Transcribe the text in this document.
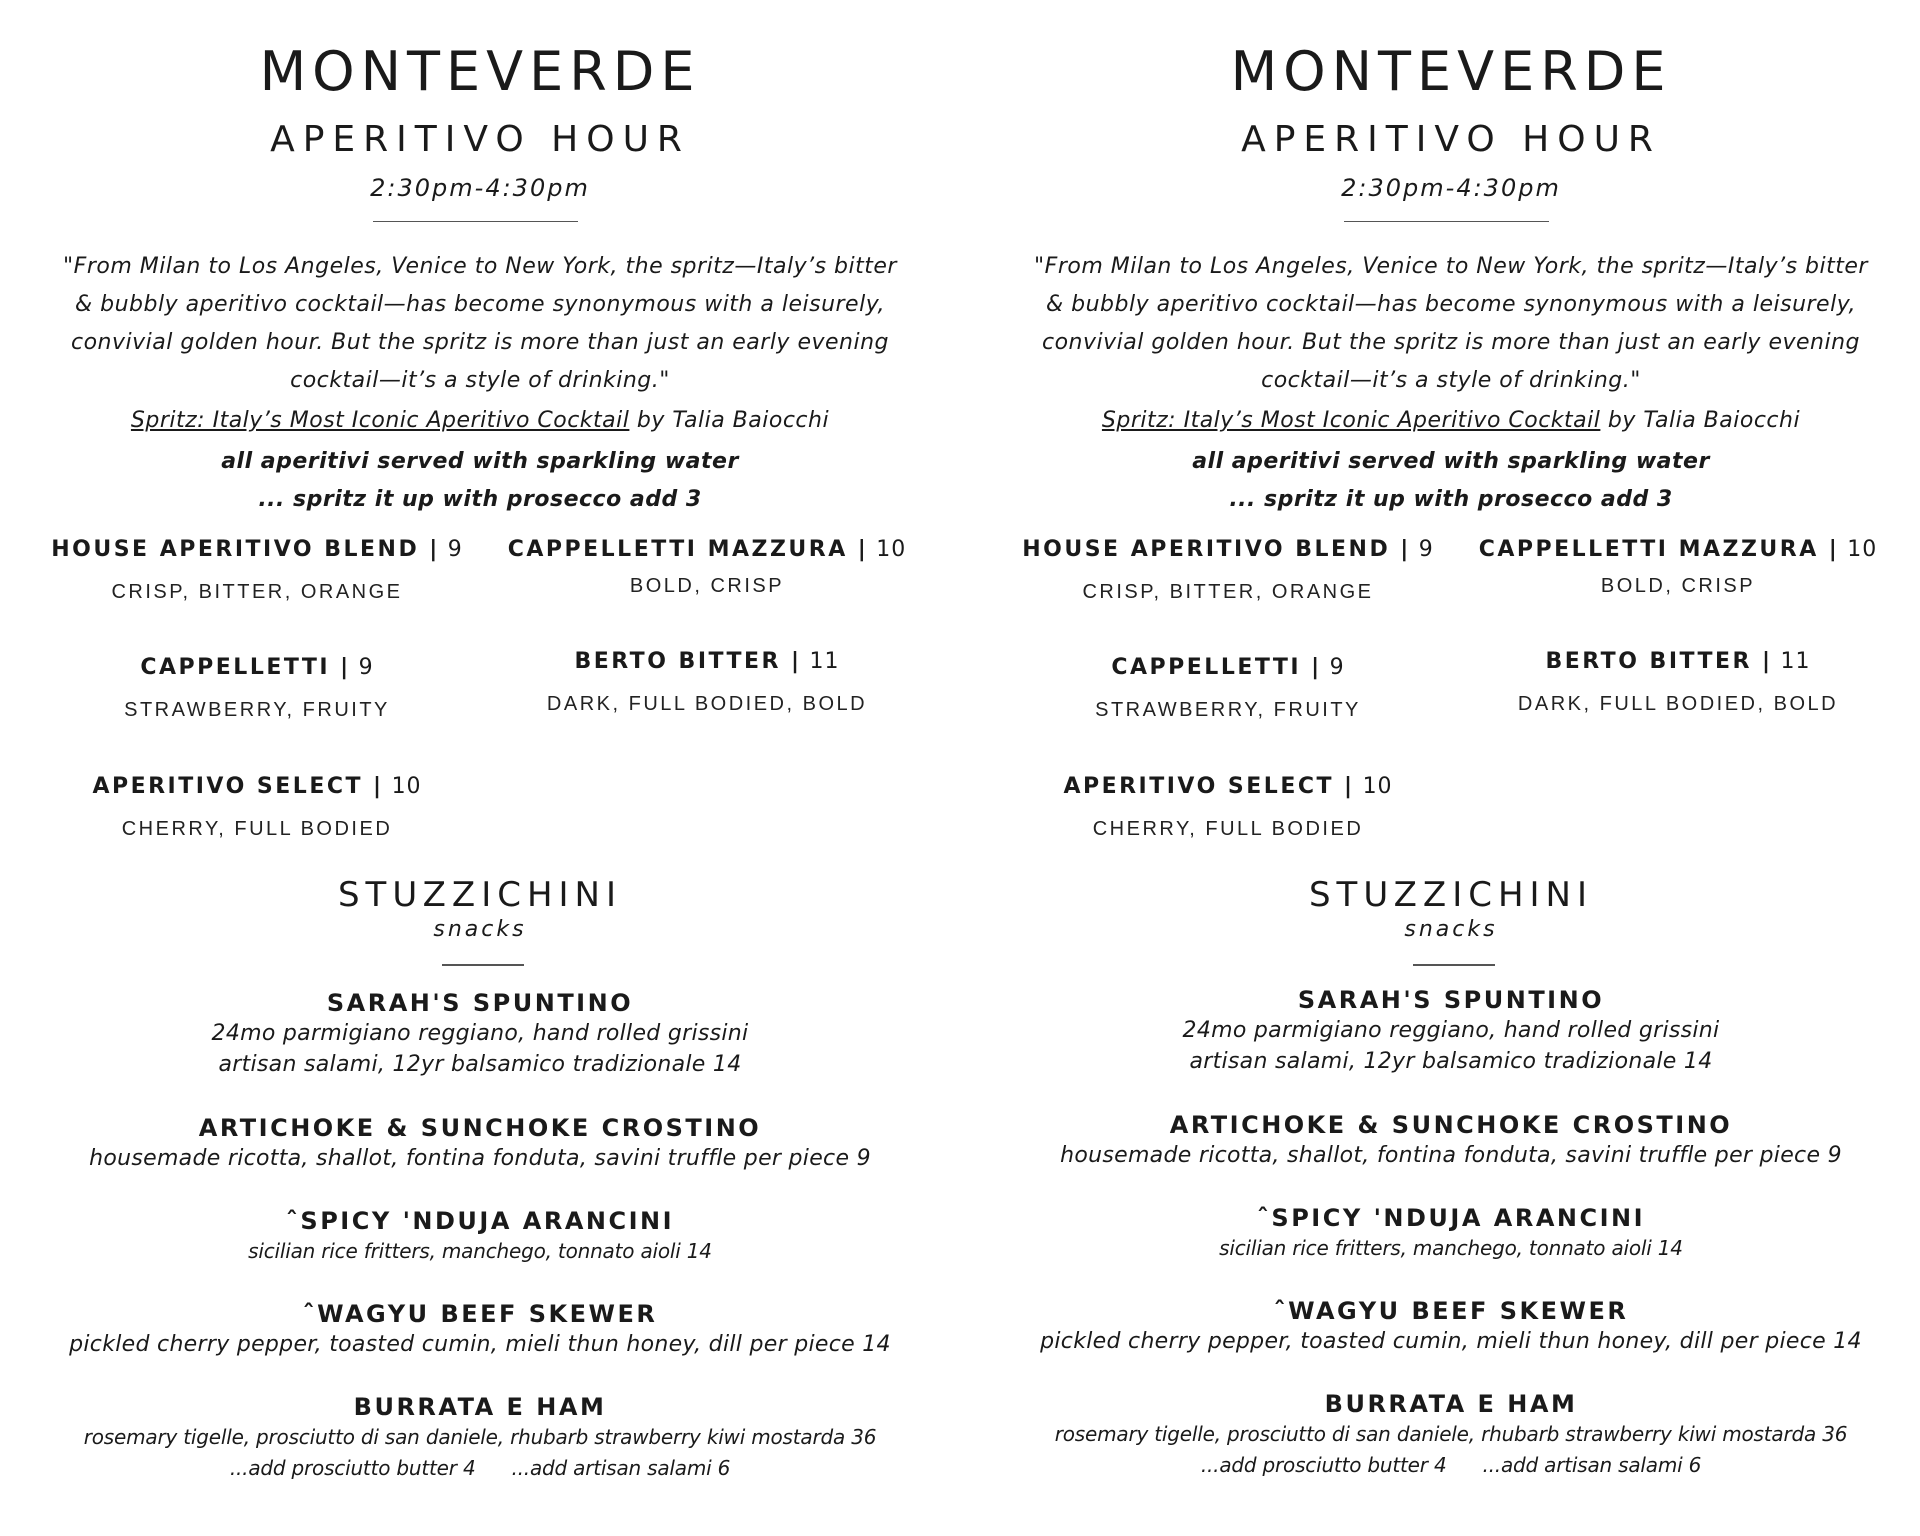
MONTEVERDE
APERITIVO HOUR
2:30pm-4:30pm
"From Milan to Los Angeles, Venice to New York, the spritz—Italy’s bitter
& bubbly aperitivo cocktail—has become synonymous with a leisurely,
convivial golden hour. But the spritz is more than just an early evening
cocktail—it’s a style of drinking."
Spritz: Italy’s Most Iconic Aperitivo Cocktail by Talia Baiocchi
all aperitivi served with sparkling water
... spritz it up with prosecco add 3
HOUSE APERITIVO BLEND | 9
CRISP, BITTER, ORANGE
CAPPELLETTI MAZZURA | 10
BOLD, CRISP
CAPPELLETTI | 9
STRAWBERRY, FRUITY
BERTO BITTER | 11
DARK, FULL BODIED, BOLD
APERITIVO SELECT | 10
CHERRY, FULL BODIED
STUZZICHINI
snacks
SARAH'S SPUNTINO
24mo parmigiano reggiano, hand rolled grissini
artisan salami, 12yr balsamico tradizionale 14
ARTICHOKE & SUNCHOKE CROSTINO
housemade ricotta, shallot, fontina fonduta, savini truffle per piece 9
ˆSPICY 'NDUJA ARANCINI
sicilian rice fritters, manchego, tonnato aioli 14
ˆWAGYU BEEF SKEWER
pickled cherry pepper, toasted cumin, mieli thun honey, dill per piece 14
BURRATA E HAM
rosemary tigelle, prosciutto di san daniele, rhubarb strawberry kiwi mostarda 36
...add prosciutto butter 4 ...add artisan salami 6
MONTEVERDE
APERITIVO HOUR
2:30pm-4:30pm
"From Milan to Los Angeles, Venice to New York, the spritz—Italy’s bitter
& bubbly aperitivo cocktail—has become synonymous with a leisurely,
convivial golden hour. But the spritz is more than just an early evening
cocktail—it’s a style of drinking."
Spritz: Italy’s Most Iconic Aperitivo Cocktail by Talia Baiocchi
all aperitivi served with sparkling water
... spritz it up with prosecco add 3
HOUSE APERITIVO BLEND | 9
CRISP, BITTER, ORANGE
CAPPELLETTI MAZZURA | 10
BOLD, CRISP
CAPPELLETTI | 9
STRAWBERRY, FRUITY
BERTO BITTER | 11
DARK, FULL BODIED, BOLD
APERITIVO SELECT | 10
CHERRY, FULL BODIED
STUZZICHINI
snacks
SARAH'S SPUNTINO
24mo parmigiano reggiano, hand rolled grissini
artisan salami, 12yr balsamico tradizionale 14
ARTICHOKE & SUNCHOKE CROSTINO
housemade ricotta, shallot, fontina fonduta, savini truffle per piece 9
ˆSPICY 'NDUJA ARANCINI
sicilian rice fritters, manchego, tonnato aioli 14
ˆWAGYU BEEF SKEWER
pickled cherry pepper, toasted cumin, mieli thun honey, dill per piece 14
BURRATA E HAM
rosemary tigelle, prosciutto di san daniele, rhubarb strawberry kiwi mostarda 36
...add prosciutto butter 4 ...add artisan salami 6
